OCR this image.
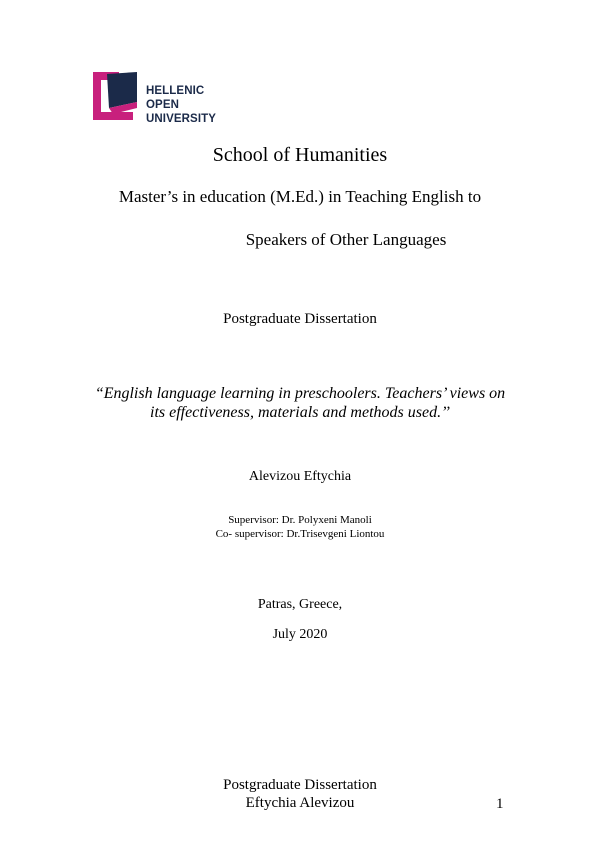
HELLENIC
OPEN
UNIVERSITY
School of Humanities
Master’s in education (M.Ed.) in Teaching English to
Speakers of Other Languages
Postgraduate Dissertation
“English language learning in preschoolers. Teachers’ views on
its effectiveness, materials and methods used.’’
Alevizou Eftychia
Supervisor: Dr. Polyxeni Manoli
Co- supervisor: Dr.Trisevgeni Liontou
Patras, Greece,
July 2020
Postgraduate Dissertation
Eftychia Alevizou	1
